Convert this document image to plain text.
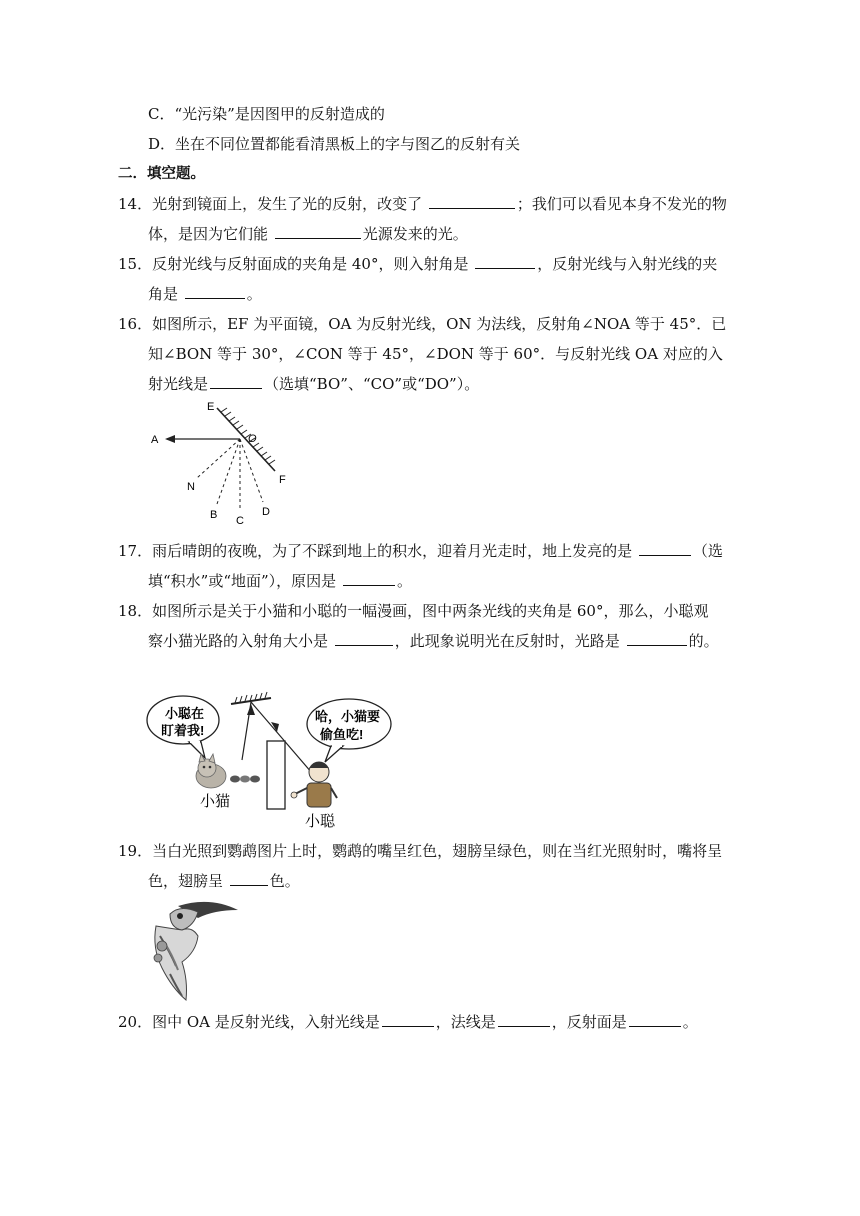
C．“光污染”是因图甲的反射造成的
D．坐在不同位置都能看清黑板上的字与图乙的反射有关
二．填空题。
14．光射到镜面上，发生了光的反射，改变了	；我们可以看见本身不发光的物
体，是因为它们能	光源发来的光。
15．反射光线与反射面成的夹角是 40°，则入射角是	，反射光线与入射光线的夹
角是	。
16．如图所示，EF 为平面镜，OA 为反射光线，ON 为法线，反射角∠NOA 等于 45°．已
知∠BON 等于 30°，∠CON 等于 45°，∠DON 等于 60°．与反射光线 OA 对应的入
射光线是	（选填“BO”、“CO”或“DO”）。
E
A	O
F
N
B C
D
17．雨后晴朗的夜晚，为了不踩到地上的积水，迎着月光走时，地上发亮的是	（选
填“积水”或“地面”），原因是	。
18．如图所示是关于小猫和小聪的一幅漫画，图中两条光线的夹角是 60°，那么，小聪观
察小猫光路的入射角大小是	，此现象说明光在反射时，光路是	的。
小聪在
盯着我!
哈，小猫要
偷鱼吃!
小猫
小聪
19．当白光照到鹦鹉图片上时，鹦鹉的嘴呈红色，翅膀呈绿色，则在当红光照射时，嘴将呈
色，翅膀呈	色。
20．图中 OA 是反射光线，入射光线是	，法线是	，反射面是	。
